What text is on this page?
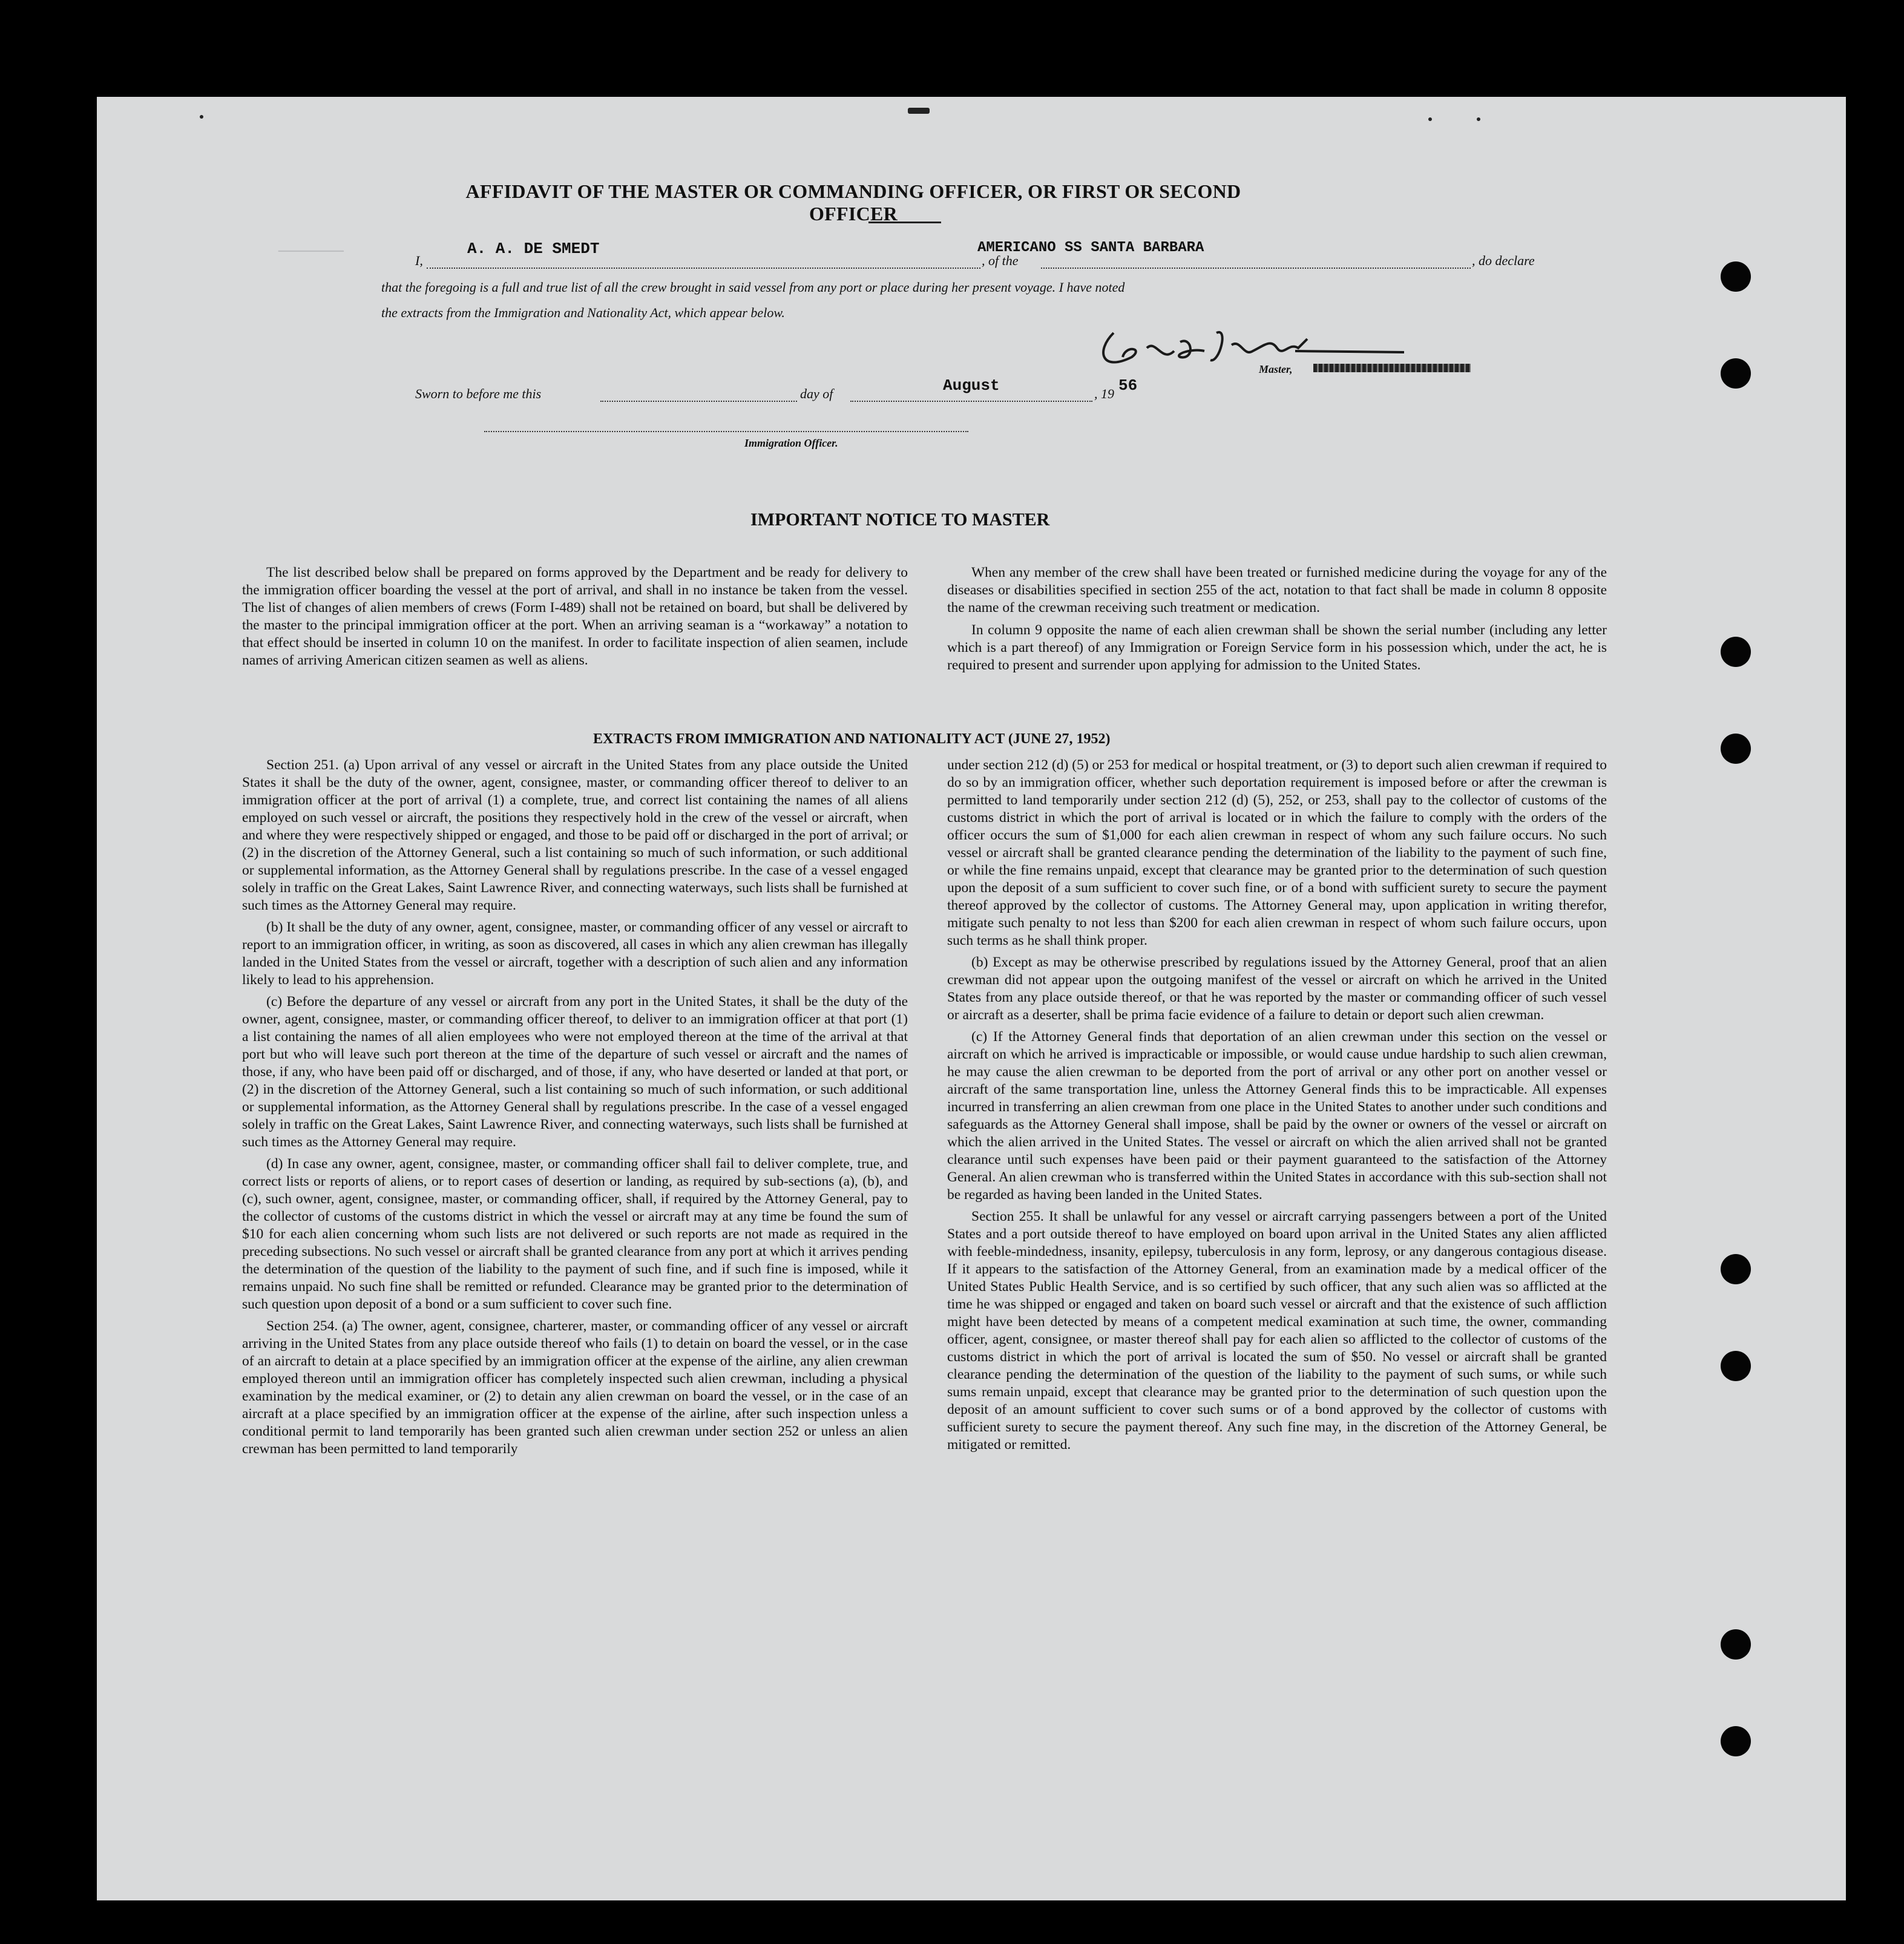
──────
AFFIDAVIT OF THE MASTER OR COMMANDING OFFICER, OR FIRST OR SECOND OFFICER
I,
A. A. DE SMEDT
, of the
AMERICANO SS SANTA BARBARA
, do declare
that the foregoing is a full and true list of all the crew brought in said vessel from any port or place during her present voyage. I have noted
the extracts from the Immigration and Nationality Act, which appear below.
Master,
Sworn to before me this	day of	August	, 19 56
Immigration Officer.
IMPORTANT NOTICE TO MASTER

The list described below shall be prepared on forms approved by the Department and be ready for delivery to the immigration officer boarding the vessel at the port of arrival, and shall in no instance be taken from the vessel. The list of changes of alien members of crews (Form I-489) shall not be retained on board, but shall be delivered by the master to the principal immigration officer at the port. When an arriving seaman is a “workaway” a notation to that effect should be inserted in column 10 on the manifest. In order to facilitate inspection of alien seamen, include names of arriving American citizen seamen as well as aliens.

When any member of the crew shall have been treated or furnished medicine during the voyage for any of the diseases or disabilities specified in section 255 of the act, notation to that fact shall be made in column 8 opposite the name of the crewman receiving such treatment or medication.

In column 9 opposite the name of each alien crewman shall be shown the serial number (including any letter which is a part thereof) of any Immigration or Foreign Service form in his possession which, under the act, he is required to present and surrender upon applying for admission to the United States.

EXTRACTS FROM IMMIGRATION AND NATIONALITY ACT (JUNE 27, 1952)

Section 251. (a) Upon arrival of any vessel or aircraft in the United States from any place outside the United States it shall be the duty of the owner, agent, consignee, master, or commanding officer thereof to deliver to an immigration officer at the port of arrival (1) a complete, true, and correct list containing the names of all aliens employed on such vessel or aircraft, the positions they respectively hold in the crew of the vessel or aircraft, when and where they were respectively shipped or engaged, and those to be paid off or discharged in the port of arrival; or (2) in the discretion of the Attorney General, such a list containing so much of such information, or such additional or supplemental information, as the Attorney General shall by regulations prescribe. In the case of a vessel engaged solely in traffic on the Great Lakes, Saint Lawrence River, and connecting waterways, such lists shall be furnished at such times as the Attorney General may require.

(b) It shall be the duty of any owner, agent, consignee, master, or commanding officer of any vessel or aircraft to report to an immigration officer, in writing, as soon as discovered, all cases in which any alien crewman has illegally landed in the United States from the vessel or aircraft, together with a description of such alien and any information likely to lead to his apprehension.

(c) Before the departure of any vessel or aircraft from any port in the United States, it shall be the duty of the owner, agent, consignee, master, or commanding officer thereof, to deliver to an immigration officer at that port (1) a list containing the names of all alien employees who were not employed thereon at the time of the arrival at that port but who will leave such port thereon at the time of the departure of such vessel or aircraft and the names of those, if any, who have been paid off or discharged, and of those, if any, who have deserted or landed at that port, or (2) in the discretion of the Attorney General, such a list containing so much of such information, or such additional or supplemental information, as the Attorney General shall by regulations prescribe. In the case of a vessel engaged solely in traffic on the Great Lakes, Saint Lawrence River, and connecting waterways, such lists shall be furnished at such times as the Attorney General may require.

(d) In case any owner, agent, consignee, master, or commanding officer shall fail to deliver complete, true, and correct lists or reports of aliens, or to report cases of desertion or landing, as required by sub-sections (a), (b), and (c), such owner, agent, consignee, master, or commanding officer, shall, if required by the Attorney General, pay to the collector of customs of the customs district in which the vessel or aircraft may at any time be found the sum of $10 for each alien concerning whom such lists are not delivered or such reports are not made as required in the preceding subsections. No such vessel or aircraft shall be granted clearance from any port at which it arrives pending the determination of the question of the liability to the payment of such fine, and if such fine is imposed, while it remains unpaid. No such fine shall be remitted or refunded. Clearance may be granted prior to the determination of such question upon deposit of a bond or a sum sufficient to cover such fine.

Section 254. (a) The owner, agent, consignee, charterer, master, or commanding officer of any vessel or aircraft arriving in the United States from any place outside thereof who fails (1) to detain on board the vessel, or in the case of an aircraft to detain at a place specified by an immigration officer at the expense of the airline, any alien crewman employed thereon until an immigration officer has completely inspected such alien crewman, including a physical examination by the medical examiner, or (2) to detain any alien crewman on board the vessel, or in the case of an aircraft at a place specified by an immigration officer at the expense of the airline, after such inspection unless a conditional permit to land temporarily has been granted such alien crewman under section 252 or unless an alien crewman has been permitted to land temporarily

under section 212 (d) (5) or 253 for medical or hospital treatment, or (3) to deport such alien crewman if required to do so by an immigration officer, whether such deportation requirement is imposed before or after the crewman is permitted to land temporarily under section 212 (d) (5), 252, or 253, shall pay to the collector of customs of the customs district in which the port of arrival is located or in which the failure to comply with the orders of the officer occurs the sum of $1,000 for each alien crewman in respect of whom any such failure occurs. No such vessel or aircraft shall be granted clearance pending the determination of the liability to the payment of such fine, or while the fine remains unpaid, except that clearance may be granted prior to the determination of such question upon the deposit of a sum sufficient to cover such fine, or of a bond with sufficient surety to secure the payment thereof approved by the collector of customs. The Attorney General may, upon application in writing therefor, mitigate such penalty to not less than $200 for each alien crewman in respect of whom such failure occurs, upon such terms as he shall think proper.

(b) Except as may be otherwise prescribed by regulations issued by the Attorney General, proof that an alien crewman did not appear upon the outgoing manifest of the vessel or aircraft on which he arrived in the United States from any place outside thereof, or that he was reported by the master or commanding officer of such vessel or aircraft as a deserter, shall be prima facie evidence of a failure to detain or deport such alien crewman.

(c) If the Attorney General finds that deportation of an alien crewman under this section on the vessel or aircraft on which he arrived is impracticable or impossible, or would cause undue hardship to such alien crewman, he may cause the alien crewman to be deported from the port of arrival or any other port on another vessel or aircraft of the same transportation line, unless the Attorney General finds this to be impracticable. All expenses incurred in transferring an alien crewman from one place in the United States to another under such conditions and safeguards as the Attorney General shall impose, shall be paid by the owner or owners of the vessel or aircraft on which the alien arrived in the United States. The vessel or aircraft on which the alien arrived shall not be granted clearance until such expenses have been paid or their payment guaranteed to the satisfaction of the Attorney General. An alien crewman who is transferred within the United States in accordance with this sub-section shall not be regarded as having been landed in the United States.

Section 255. It shall be unlawful for any vessel or aircraft carrying passengers between a port of the United States and a port outside thereof to have employed on board upon arrival in the United States any alien afflicted with feeble-mindedness, insanity, epilepsy, tuberculosis in any form, leprosy, or any dangerous contagious disease. If it appears to the satisfaction of the Attorney General, from an examination made by a medical officer of the United States Public Health Service, and is so certified by such officer, that any such alien was so afflicted at the time he was shipped or engaged and taken on board such vessel or aircraft and that the existence of such affliction might have been detected by means of a competent medical examination at such time, the owner, commanding officer, agent, consignee, or master thereof shall pay for each alien so afflicted to the collector of customs of the customs district in which the port of arrival is located the sum of $50. No vessel or aircraft shall be granted clearance pending the determination of the question of the liability to the payment of such sums, or while such sums remain unpaid, except that clearance may be granted prior to the determination of such question upon the deposit of an amount sufficient to cover such sums or of a bond approved by the collector of customs with sufficient surety to secure the payment thereof. Any such fine may, in the discretion of the Attorney General, be mitigated or remitted.
